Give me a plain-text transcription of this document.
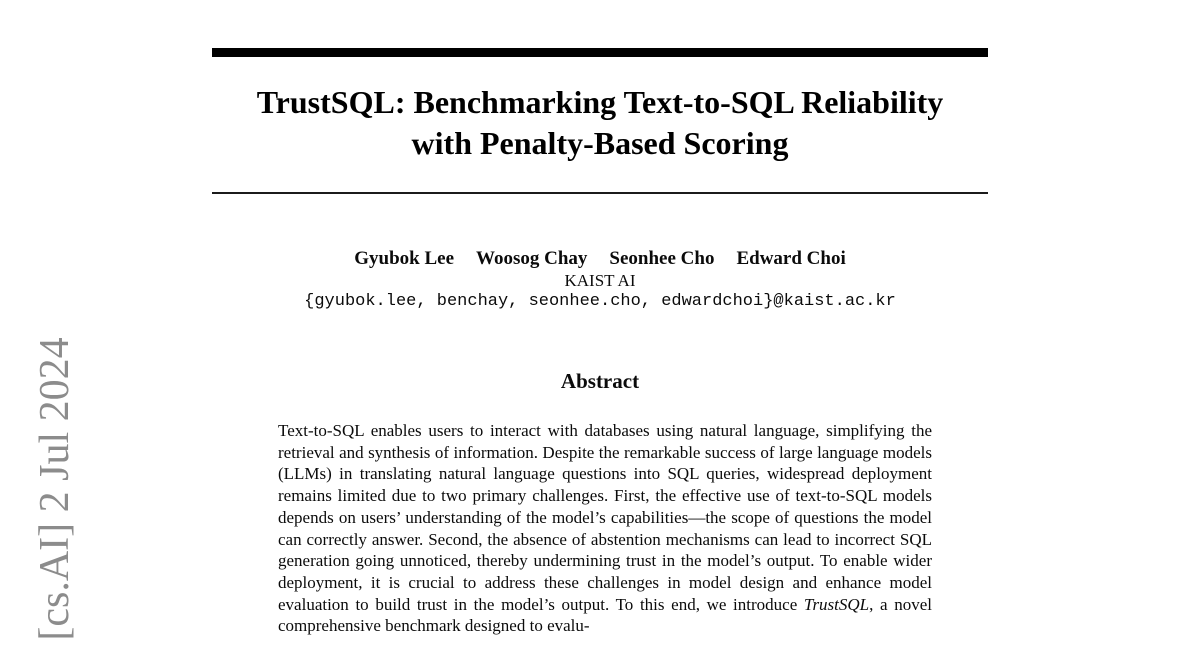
[cs.AI] 2 Jul 2024
TrustSQL: Benchmarking Text-to-SQL Reliability
with Penalty-Based Scoring
Gyubok Lee Woosog Chay Seonhee Cho Edward Choi
KAIST AI
{gyubok.lee, benchay, seonhee.cho, edwardchoi}@kaist.ac.kr
Abstract
Text-to-SQL enables users to interact with databases using natural language, simplifying the retrieval and synthesis of information. Despite the remarkable success of large language models (LLMs) in translating natural language questions into SQL queries, widespread deployment remains limited due to two primary challenges. First, the effective use of text-to-SQL models depends on users’ understanding of the model’s capabilities—the scope of questions the model can correctly answer. Second, the absence of abstention mechanisms can lead to incorrect SQL generation going unnoticed, thereby undermining trust in the model’s output. To enable wider deployment, it is crucial to address these challenges in model design and enhance model evaluation to build trust in the model’s output. To this end, we introduce TrustSQL, a novel comprehensive benchmark designed to evalu-
